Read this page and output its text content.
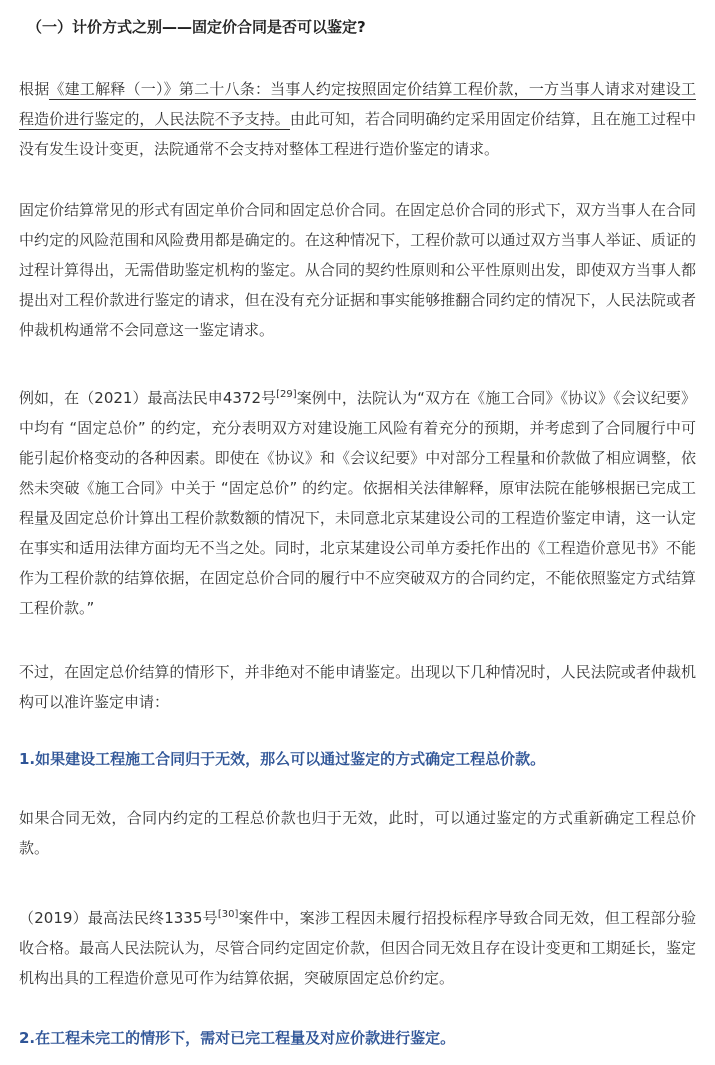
（一）计价方式之别——固定价合同是否可以鉴定?

根据《建工解释（一）》第二十八条：当事人约定按照固定价结算工程价款，一方当事人请求对建设工程造价进行鉴定的，人民法院不予支持。由此可知，若合同明确约定采用固定价结算，且在施工过程中没有发生设计变更，法院通常不会支持对整体工程进行造价鉴定的请求。

固定价结算常见的形式有固定单价合同和固定总价合同。在固定总价合同的形式下，双方当事人在合同中约定的风险范围和风险费用都是确定的。在这种情况下，工程价款可以通过双方当事人举证、质证的过程计算得出，无需借助鉴定机构的鉴定。从合同的契约性原则和公平性原则出发，即使双方当事人都提出对工程价款进行鉴定的请求，但在没有充分证据和事实能够推翻合同约定的情况下，人民法院或者仲裁机构通常不会同意这一鉴定请求。

例如，在（2021）最高法民申4372号[29]案例中，法院认为“双方在《施工合同》《协议》《会议纪要》中均有 “固定总价” 的约定，充分表明双方对建设施工风险有着充分的预期，并考虑到了合同履行中可能引起价格变动的各种因素。即使在《协议》和《会议纪要》中对部分工程量和价款做了相应调整，依然未突破《施工合同》中关于 “固定总价” 的约定。依据相关法律解释，原审法院在能够根据已完成工程量及固定总价计算出工程价款数额的情况下，未同意北京某建设公司的工程造价鉴定申请，这一认定在事实和适用法律方面均无不当之处。同时，北京某建设公司单方委托作出的《工程造价意见书》不能作为工程价款的结算依据，在固定总价合同的履行中不应突破双方的合同约定，不能依照鉴定方式结算工程价款。”

不过，在固定总价结算的情形下，并非绝对不能申请鉴定。出现以下几种情况时，人民法院或者仲裁机构可以准许鉴定申请：

1.如果建设工程施工合同归于无效，那么可以通过鉴定的方式确定工程总价款。

如果合同无效，合同内约定的工程总价款也归于无效，此时，可以通过鉴定的方式重新确定工程总价款。

（2019）最高法民终1335号[30]案件中，案涉工程因未履行招投标程序导致合同无效，但工程部分验收合格。最高人民法院认为，尽管合同约定固定价款，但因合同无效且存在设计变更和工期延长，鉴定机构出具的工程造价意见可作为结算依据，突破原固定总价约定。

2.在工程未完工的情形下，需对已完工程量及对应价款进行鉴定。
